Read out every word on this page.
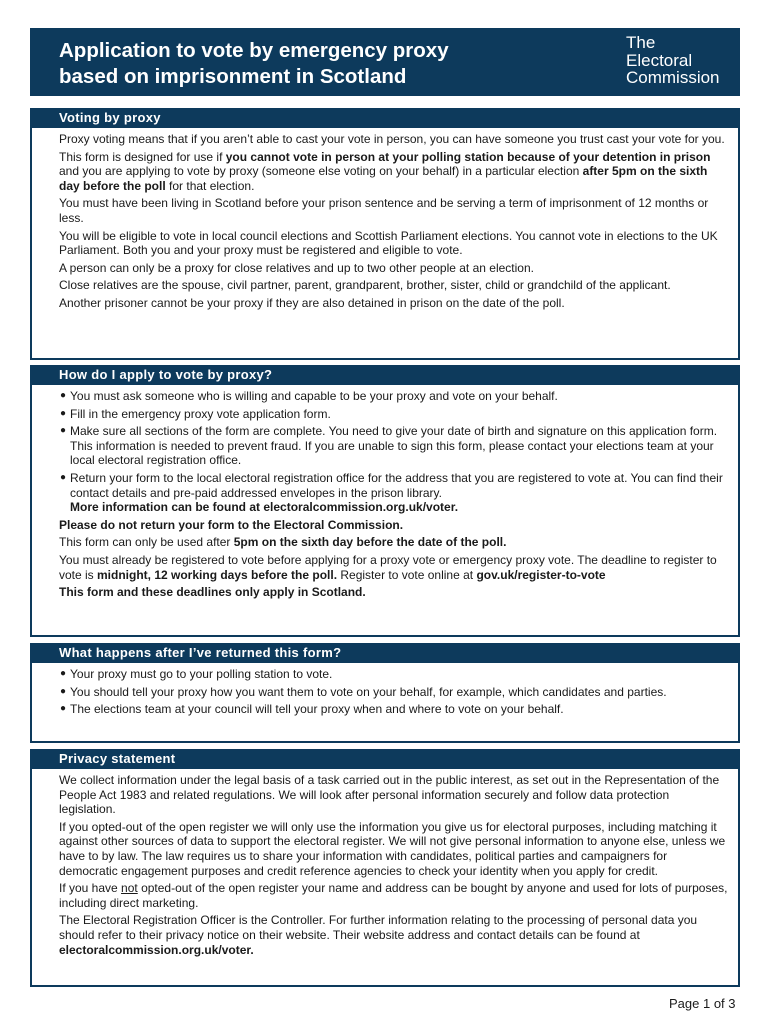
Application to vote by emergency proxy
based on imprisonment in Scotland
The
Electoral
Commission
Voting by proxy

Proxy voting means that if you aren’t able to cast your vote in person, you can have someone you trust cast your vote for you.

This form is designed for use if you cannot vote in person at your polling station because of your detention in prison and you are applying to vote by proxy (someone else voting on your behalf) in a particular election after 5pm on the sixth day before the poll for that election.

You must have been living in Scotland before your prison sentence and be serving a term of imprisonment of 12 months or less.

You will be eligible to vote in local council elections and Scottish Parliament elections. You cannot vote in elections to the UK Parliament. Both you and your proxy must be registered and eligible to vote.

A person can only be a proxy for close relatives and up to two other people at an election.

Close relatives are the spouse, civil partner, parent, grandparent, brother, sister, child or grandchild of the applicant.

Another prisoner cannot be your proxy if they are also detained in prison on the date of the poll.

How do I apply to vote by proxy?
● You must ask someone who is willing and capable to be your proxy and vote on your behalf.
● Fill in the emergency proxy vote application form.
● Make sure all sections of the form are complete. You need to give your date of birth and signature on this application form. This information is needed to prevent fraud. If you are unable to sign this form, please contact your elections team at your local electoral registration office.
● Return your form to the local electoral registration office for the address that you are registered to vote at. You can find their contact details and pre-paid addressed envelopes in the prison library.
More information can be found at electoralcommission.org.uk/voter.

Please do not return your form to the Electoral Commission.

This form can only be used after 5pm on the sixth day before the date of the poll.

You must already be registered to vote before applying for a proxy vote or emergency proxy vote. The deadline to register to vote is midnight, 12 working days before the poll. Register to vote online at gov.uk/register-to-vote

This form and these deadlines only apply in Scotland.

What happens after I’ve returned this form?
● Your proxy must go to your polling station to vote.
● You should tell your proxy how you want them to vote on your behalf, for example, which candidates and parties.
● The elections team at your council will tell your proxy when and where to vote on your behalf.
Privacy statement

We collect information under the legal basis of a task carried out in the public interest, as set out in the Representation of the People Act 1983 and related regulations. We will look after personal information securely and follow data protection legislation.

If you opted-out of the open register we will only use the information you give us for electoral purposes, including matching it against other sources of data to support the electoral register. We will not give personal information to anyone else, unless we have to by law. The law requires us to share your information with candidates, political parties and campaigners for democratic engagement purposes and credit reference agencies to check your identity when you apply for credit.

If you have not opted-out of the open register your name and address can be bought by anyone and used for lots of purposes, including direct marketing.

The Electoral Registration Officer is the Controller. For further information relating to the processing of personal data you should refer to their privacy notice on their website. Their website address and contact details can be found at electoralcommission.org.uk/voter.

Page 1 of 3
